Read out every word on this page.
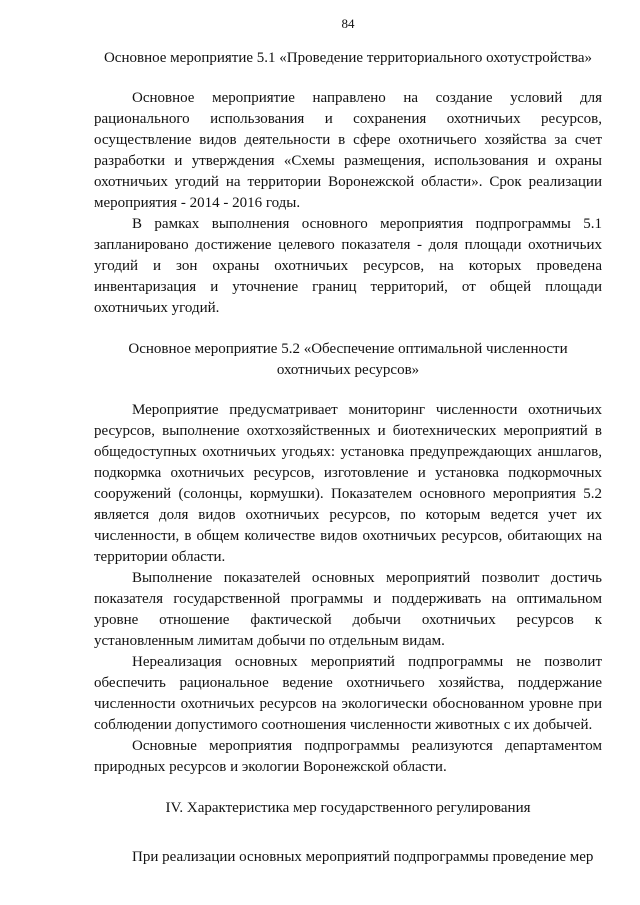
84
Основное мероприятие 5.1 «Проведение территориального охотустройства»

Основное мероприятие направлено на создание условий для рационального использования и сохранения охотничьих ресурсов, осуществление видов деятельности в сфере охотничьего хозяйства за счет разработки и утверждения «Схемы размещения, использования и охраны охотничьих угодий на территории Воронежской области». Срок реализации мероприятия - 2014 - 2016 годы.

В рамках выполнения основного мероприятия подпрограммы 5.1 запланировано достижение целевого показателя - доля площади охотничьих угодий и зон охраны охотничьих ресурсов, на которых проведена инвентаризация и уточнение границ территорий, от общей площади охотничьих угодий.

Основное мероприятие 5.2 «Обеспечение оптимальной численности
охотничьих ресурсов»

Мероприятие предусматривает мониторинг численности охотничьих ресурсов, выполнение охотхозяйственных и биотехнических мероприятий в общедоступных охотничьих угодьях: установка предупреждающих аншлагов, подкормка охотничьих ресурсов, изготовление и установка подкормочных сооружений (солонцы, кормушки). Показателем основного мероприятия 5.2 является доля видов охотничьих ресурсов, по которым ведется учет их численности, в общем количестве видов охотничьих ресурсов, обитающих на территории области.

Выполнение показателей основных мероприятий позволит достичь показателя государственной программы и поддерживать на оптимальном уровне отношение фактической добычи охотничьих ресурсов к установленным лимитам добычи по отдельным видам.

Нереализация основных мероприятий подпрограммы не позволит обеспечить рациональное ведение охотничьего хозяйства, поддержание численности охотничьих ресурсов на экологически обоснованном уровне при соблюдении допустимого соотношения численности животных с их добычей.

Основные мероприятия подпрограммы реализуются департаментом природных ресурсов и экологии Воронежской области.

IV. Характеристика мер государственного регулирования

При реализации основных мероприятий подпрограммы проведение мер
